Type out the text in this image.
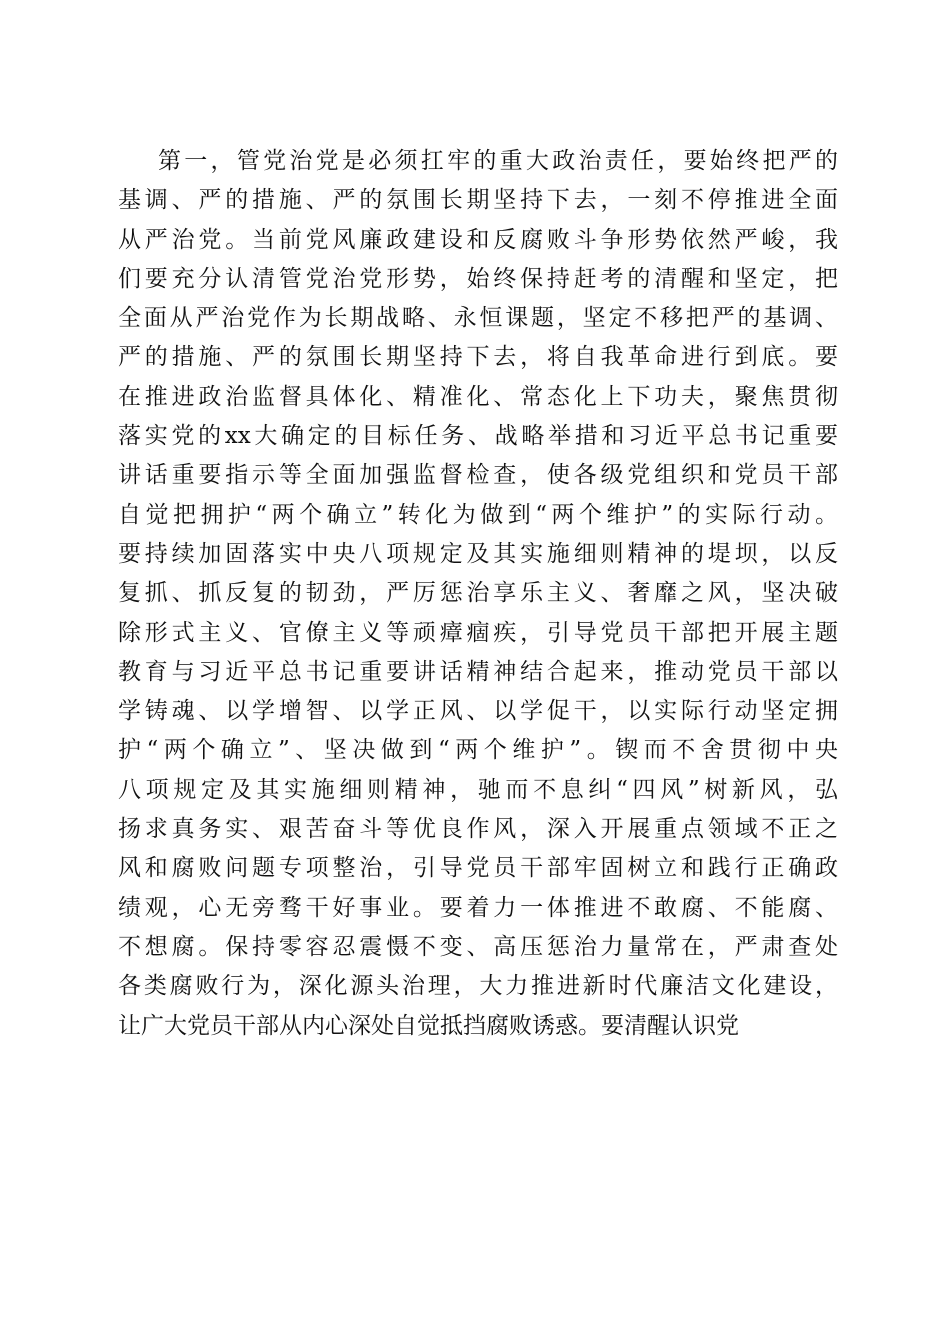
第一，管党治党是必须扛牢的重大政治责任，要始终把严的
基调、严的措施、严的氛围长期坚持下去，一刻不停推进全面
从严治党。当前党风廉政建设和反腐败斗争形势依然严峻，我
们要充分认清管党治党形势，始终保持赶考的清醒和坚定，把
全面从严治党作为长期战略、永恒课题，坚定不移把严的基调、
严的措施、严的氛围长期坚持下去，将自我革命进行到底。要
在推进政治监督具体化、精准化、常态化上下功夫，聚焦贯彻
落实党的xx大确定的目标任务、战略举措和习近平总书记重要
讲话重要指示等全面加强监督检查，使各级党组织和党员干部
自觉把拥护“两个确立”转化为做到“两个维护”的实际行动。
要持续加固落实中央八项规定及其实施细则精神的堤坝，以反
复抓、抓反复的韧劲，严厉惩治享乐主义、奢靡之风，坚决破
除形式主义、官僚主义等顽瘴痼疾，引导党员干部把开展主题
教育与习近平总书记重要讲话精神结合起来，推动党员干部以
学铸魂、以学增智、以学正风、以学促干，以实际行动坚定拥
护“两个确立”、坚决做到“两个维护”。锲而不舍贯彻中央
八项规定及其实施细则精神，驰而不息纠“四风”树新风，弘
扬求真务实、艰苦奋斗等优良作风，深入开展重点领域不正之
风和腐败问题专项整治，引导党员干部牢固树立和践行正确政
绩观，心无旁骛干好事业。要着力一体推进不敢腐、不能腐、
不想腐。保持零容忍震慑不变、高压惩治力量常在，严肃查处
各类腐败行为，深化源头治理，大力推进新时代廉洁文化建设，
让广大党员干部从内心深处自觉抵挡腐败诱惑。要清醒认识党
